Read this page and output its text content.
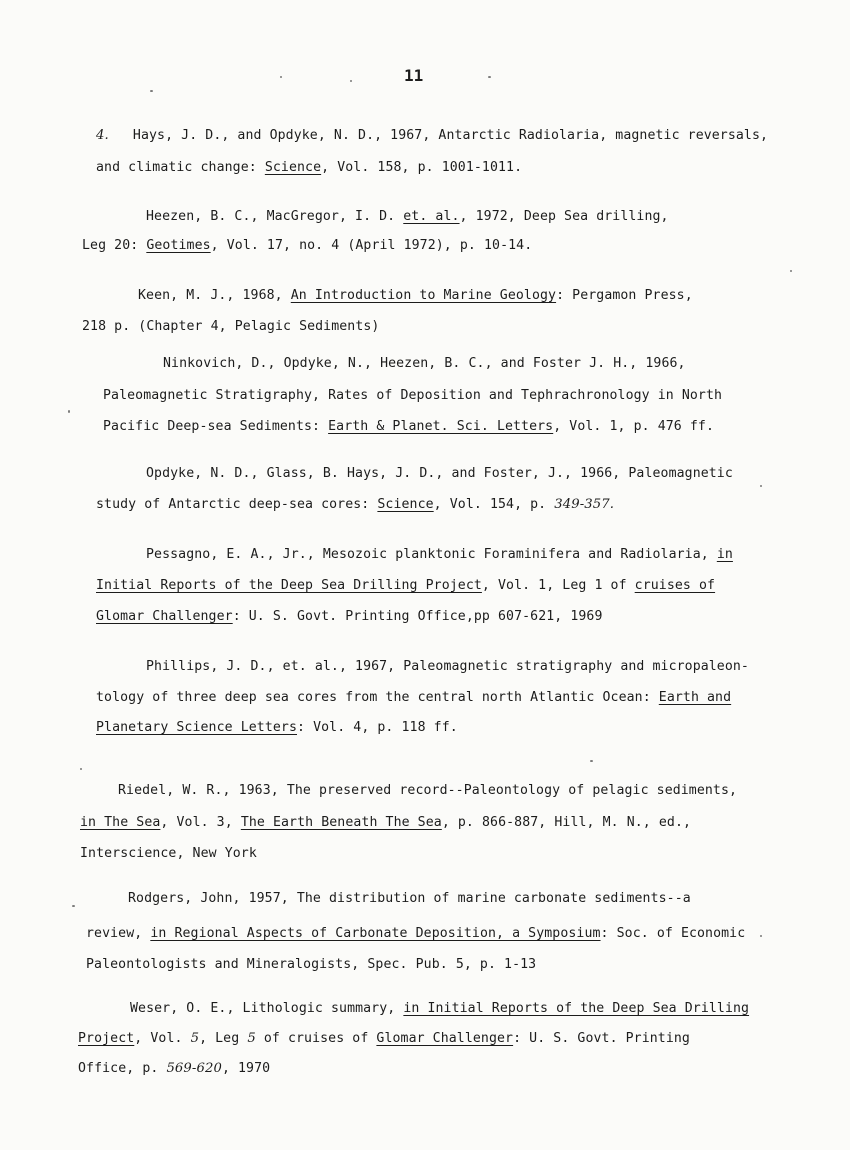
11
4. Hays, J. D., and Opdyke, N. D., 1967, Antarctic Radiolaria, magnetic reversals,
and climatic change: Science, Vol. 158, p. 1001-1011.
Heezen, B. C., MacGregor, I. D. et. al., 1972, Deep Sea drilling,
Leg 20: Geotimes, Vol. 17, no. 4 (April 1972), p. 10-14.
Keen, M. J., 1968, An Introduction to Marine Geology: Pergamon Press,
218 p. (Chapter 4, Pelagic Sediments)
Ninkovich, D., Opdyke, N., Heezen, B. C., and Foster J. H., 1966,
Paleomagnetic Stratigraphy, Rates of Deposition and Tephrachronology in North
Pacific Deep-sea Sediments: Earth & Planet. Sci. Letters, Vol. 1, p. 476 ff.
Opdyke, N. D., Glass, B. Hays, J. D., and Foster, J., 1966, Paleomagnetic
study of Antarctic deep-sea cores: Science, Vol. 154, p. 349-357.
Pessagno, E. A., Jr., Mesozoic planktonic Foraminifera and Radiolaria, in
Initial Reports of the Deep Sea Drilling Project, Vol. 1, Leg 1 of cruises of
Glomar Challenger: U. S. Govt. Printing Office,pp 607-621, 1969
Phillips, J. D., et. al., 1967, Paleomagnetic stratigraphy and micropaleon-
tology of three deep sea cores from the central north Atlantic Ocean: Earth and
Planetary Science Letters: Vol. 4, p. 118 ff.
Riedel, W. R., 1963, The preserved record--Paleontology of pelagic sediments,
in The Sea, Vol. 3, The Earth Beneath The Sea, p. 866-887, Hill, M. N., ed.,
Interscience, New York
Rodgers, John, 1957, The distribution of marine carbonate sediments--a
review, in Regional Aspects of Carbonate Deposition, a Symposium: Soc. of Economic
Paleontologists and Mineralogists, Spec. Pub. 5, p. 1-13
Weser, O. E., Lithologic summary, in Initial Reports of the Deep Sea Drilling
Project, Vol. 5, Leg 5 of cruises of Glomar Challenger: U. S. Govt. Printing
Office, p. 569-620, 1970
